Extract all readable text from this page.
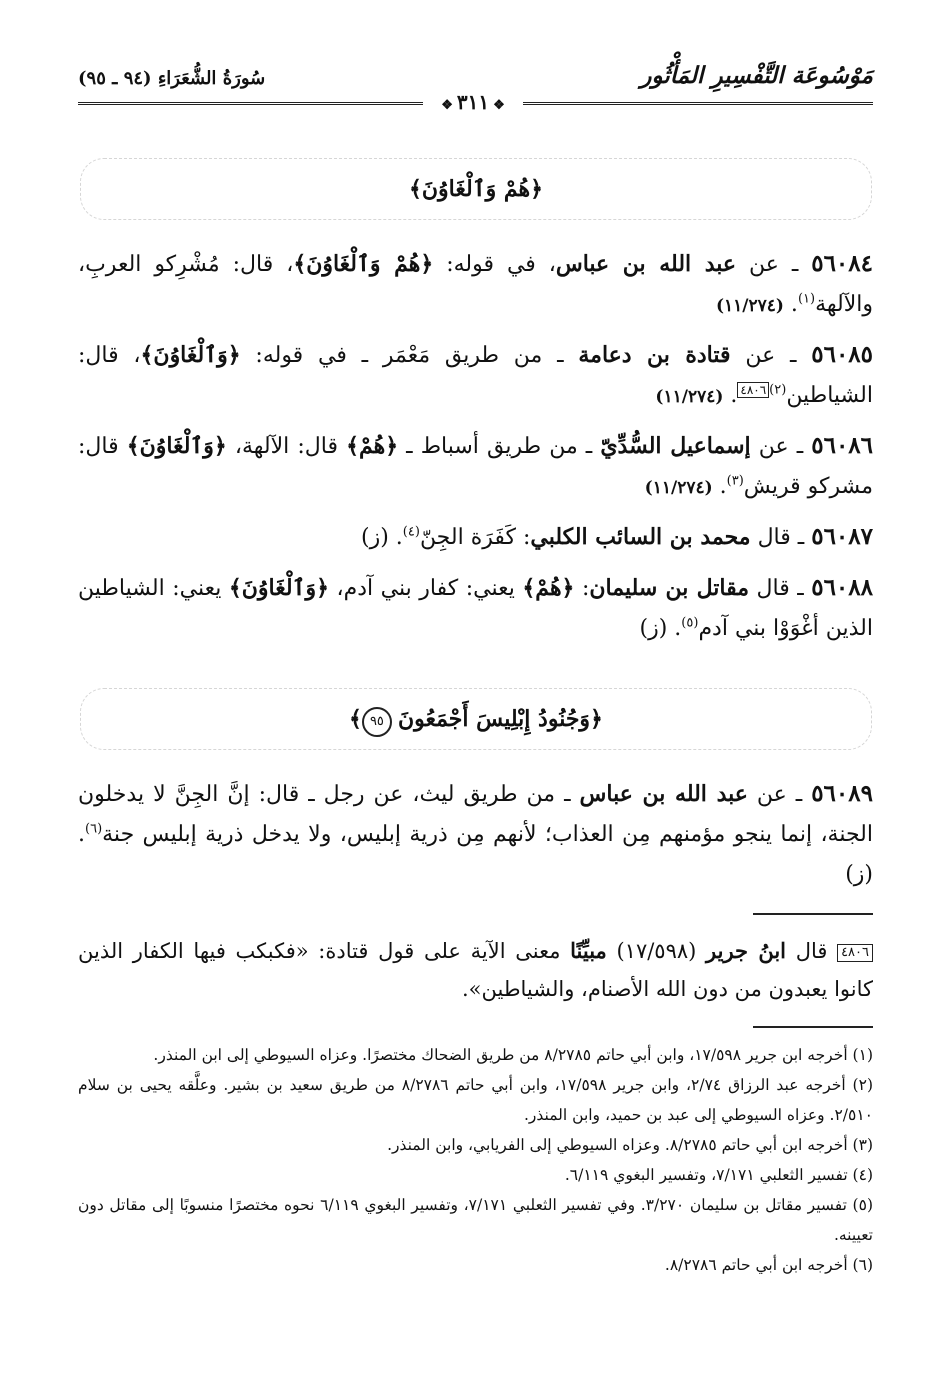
مَوْسُوعَة التَّفْسِيرِ المَأْثُور
سُورَةُ الشُّعَرَاءِ (٩٤ ـ ٩٥)
❖٣١١❖
﴿هُمْ وَٱلْغَاوُنَ﴾
٥٦٠٨٤ ـ عن عبد الله بن عباس، في قوله: ﴿هُمْ وَٱلْغَاوُنَ﴾، قال: مُشْرِكو العربِ، والآلهة$^{(١)}$. (١١/٢٧٤)
٥٦٠٨٥ ـ عن قتادة بن دعامة ـ من طريق مَعْمَر ـ في قوله: ﴿وَٱلْغَاوُنَ﴾، قال: الشياطين$^{(٢)}$٤٨٠٦. (١١/٢٧٤)
٥٦٠٨٦ ـ عن إسماعيل السُّدِّيّ ـ من طريق أسباط ـ ﴿هُمْ﴾ قال: الآلهة، ﴿وَٱلْغَاوُنَ﴾ قال: مشركو قريش$^{(٣)}$. (١١/٢٧٤)
٥٦٠٨٧ ـ قال محمد بن السائب الكلبي: كَفَرَة الجِنّ$^{(٤)}$. (ز)
٥٦٠٨٨ ـ قال مقاتل بن سليمان: ﴿هُمْ﴾ يعني: كفار بني آدم، ﴿وَٱلْغَاوُنَ﴾ يعني: الشياطين الذين أغْوَوْا بني آدم$^{(٥)}$. (ز)
﴿وَجُنُودُ إِبْلِيسَ أَجْمَعُونَ٩٥﴾
٥٦٠٨٩ ـ عن عبد الله بن عباس ـ من طريق ليث، عن رجل ـ قال: إنَّ الجِنَّ لا يدخلون الجنة، إنما ينجو مؤمنهم مِن العذاب؛ لأنهم مِن ذرية إبليس، ولا يدخل ذرية إبليس جنة$^{(٦)}$. (ز)
٤٨٠٦ قال ابنُ جرير (١٧/٥٩٨) مبيِّنًا معنى الآية على قول قتادة: «فكبكب فيها الكفار الذين كانوا يعبدون من دون الله الأصنام، والشياطين».
(١) أخرجه ابن جرير ١٧/٥٩٨، وابن أبي حاتم ٨/٢٧٨٥ من طريق الضحاك مختصرًا. وعزاه السيوطي إلى ابن المنذر.
(٢) أخرجه عبد الرزاق ٢/٧٤، وابن جرير ١٧/٥٩٨، وابن أبي حاتم ٨/٢٧٨٦ من طريق سعيد بن بشير. وعلَّقه يحيى بن سلام ٢/٥١٠. وعزاه السيوطي إلى عبد بن حميد، وابن المنذر.
(٣) أخرجه ابن أبي حاتم ٨/٢٧٨٥. وعزاه السيوطي إلى الفريابي، وابن المنذر.
(٤) تفسير الثعلبي ٧/١٧١، وتفسير البغوي ٦/١١٩.
(٥) تفسير مقاتل بن سليمان ٣/٢٧٠. وفي تفسير الثعلبي ٧/١٧١، وتفسير البغوي ٦/١١٩ نحوه مختصرًا منسوبًا إلى مقاتل دون تعيينه.
(٦) أخرجه ابن أبي حاتم ٨/٢٧٨٦.
